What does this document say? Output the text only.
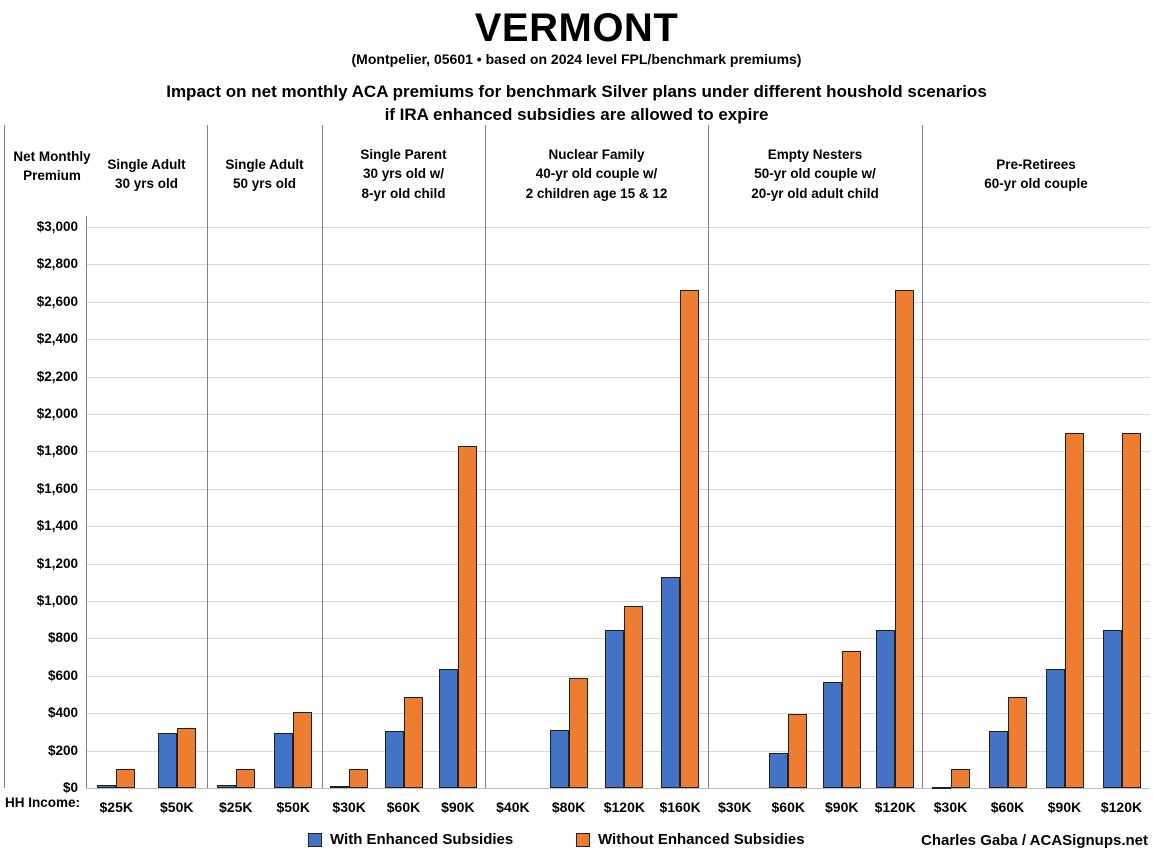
VERMONT
(Montpelier, 05601 • based on 2024 level FPL/benchmark premiums)
Impact on net monthly ACA premiums for benchmark Silver plans under different houshold scenarios
if IRA enhanced subsidies are allowed to expire
Net Monthly Premium
$3,000
$2,800
$2,600
$2,400
$2,200
$2,000
$1,800
$1,600
$1,400
$1,200
$1,000
$800
$600
$400
$200
$0
Single Adult
30 yrs old
$25K	$50K
Single Adult
50 yrs old
$25K	$50K
Single Parent
30 yrs old w/
8-yr old child
$30K	$60K	$90K
Nuclear Family
40-yr old couple w/
2 children age 15 & 12
$40K	$80K	$120K	$160K
Empty Nesters
50-yr old couple w/
20-yr old adult child
$30K	$60K	$90K	$120K
Pre-Retirees
60-yr old couple
$30K	$60K	$90K	$120K
HH Income:
With Enhanced Subsidies	Without Enhanced Subsidies	Charles Gaba / ACASignups.net
